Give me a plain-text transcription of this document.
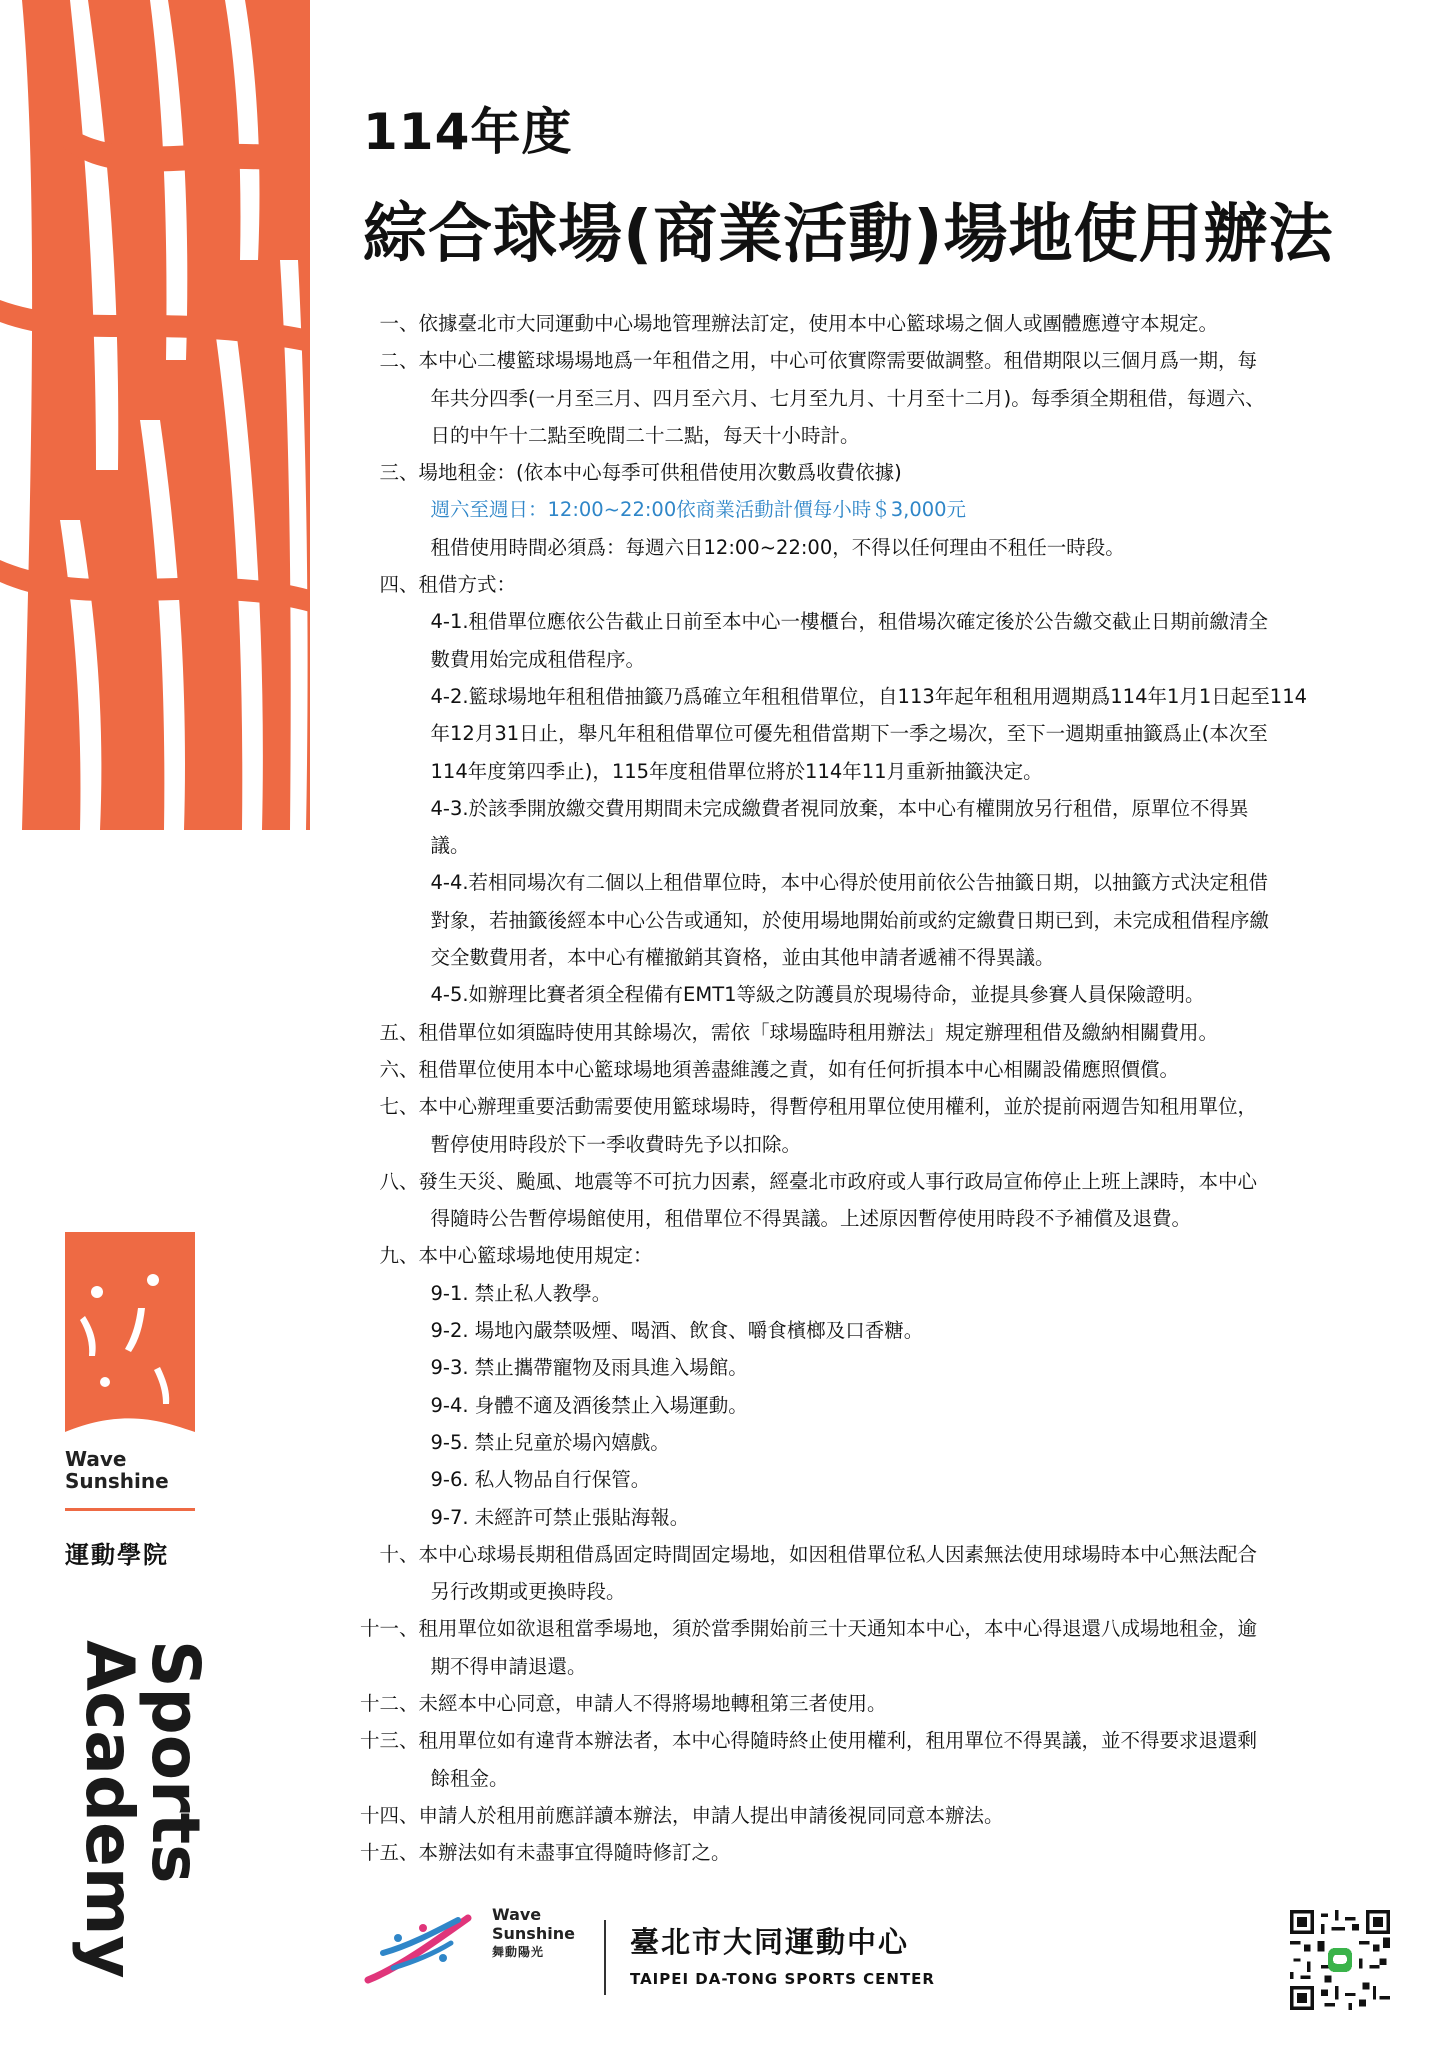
114年度
綜合球場(商業活動)場地使用辦法
一、依據臺北市大同運動中心場地管理辦法訂定，使用本中心籃球場之個人或團體應遵守本規定。
二、本中心二樓籃球場場地爲一年租借之用，中心可依實際需要做調整。租借期限以三個月爲一期，每
年共分四季(一月至三月、四月至六月、七月至九月、十月至十二月)。每季須全期租借，每週六、
日的中午十二點至晚間二十二點，每天十小時計。
三、場地租金：(依本中心每季可供租借使用次數爲收費依據)
週六至週日：12:00~22:00依商業活動計價每小時＄3,000元
租借使用時間必須爲：每週六日12:00~22:00，不得以任何理由不租任一時段。
四、租借方式：
4-1.租借單位應依公告截止日前至本中心一樓櫃台，租借場次確定後於公告繳交截止日期前繳清全
數費用始完成租借程序。
4-2.籃球場地年租租借抽籤乃爲確立年租租借單位，自113年起年租租用週期爲114年1月1日起至114
年12月31日止，舉凡年租租借單位可優先租借當期下一季之場次，至下一週期重抽籤爲止(本次至
114年度第四季止)，115年度租借單位將於114年11月重新抽籤決定。
4-3.於該季開放繳交費用期間未完成繳費者視同放棄，本中心有權開放另行租借，原單位不得異
議。
4-4.若相同場次有二個以上租借單位時，本中心得於使用前依公告抽籤日期，以抽籤方式決定租借
對象，若抽籤後經本中心公告或通知，於使用場地開始前或約定繳費日期已到，未完成租借程序繳
交全數費用者，本中心有權撤銷其資格，並由其他申請者遞補不得異議。
4-5.如辦理比賽者須全程備有EMT1等級之防護員於現場待命，並提具參賽人員保險證明。
五、租借單位如須臨時使用其餘場次，需依「球場臨時租用辦法」規定辦理租借及繳納相關費用。
六、租借單位使用本中心籃球場地須善盡維護之責，如有任何折損本中心相關設備應照價償。
七、本中心辦理重要活動需要使用籃球場時，得暫停租用單位使用權利，並於提前兩週告知租用單位，
暫停使用時段於下一季收費時先予以扣除。
八、發生天災、颱風、地震等不可抗力因素，經臺北市政府或人事行政局宣佈停止上班上課時，本中心
得隨時公告暫停場館使用，租借單位不得異議。上述原因暫停使用時段不予補償及退費。
九、本中心籃球場地使用規定：
9-1. 禁止私人教學。
9-2. 場地內嚴禁吸煙、喝酒、飲食、嚼食檳榔及口香糖。
9-3. 禁止攜帶寵物及雨具進入場館。
9-4. 身體不適及酒後禁止入場運動。
9-5. 禁止兒童於場內嬉戲。
9-6. 私人物品自行保管。
9-7. 未經許可禁止張貼海報。
十、本中心球場長期租借爲固定時間固定場地，如因租借單位私人因素無法使用球場時本中心無法配合
另行改期或更換時段。
十一、租用單位如欲退租當季場地，須於當季開始前三十天通知本中心，本中心得退還八成場地租金，逾
期不得申請退還。
十二、未經本中心同意，申請人不得將場地轉租第三者使用。
十三、租用單位如有違背本辦法者，本中心得隨時終止使用權利，租用單位不得異議，並不得要求退還剩
餘租金。
十四、申請人於租用前應詳讀本辦法，申請人提出申請後視同同意本辦法。
十五、本辦法如有未盡事宜得隨時修訂之。
Wave
Sunshine
運動學院
Sports
Academy	Wave
Sunshine
舞動陽光	臺北市大同運動中心
TAIPEI DA-TONG SPORTS CENTER
